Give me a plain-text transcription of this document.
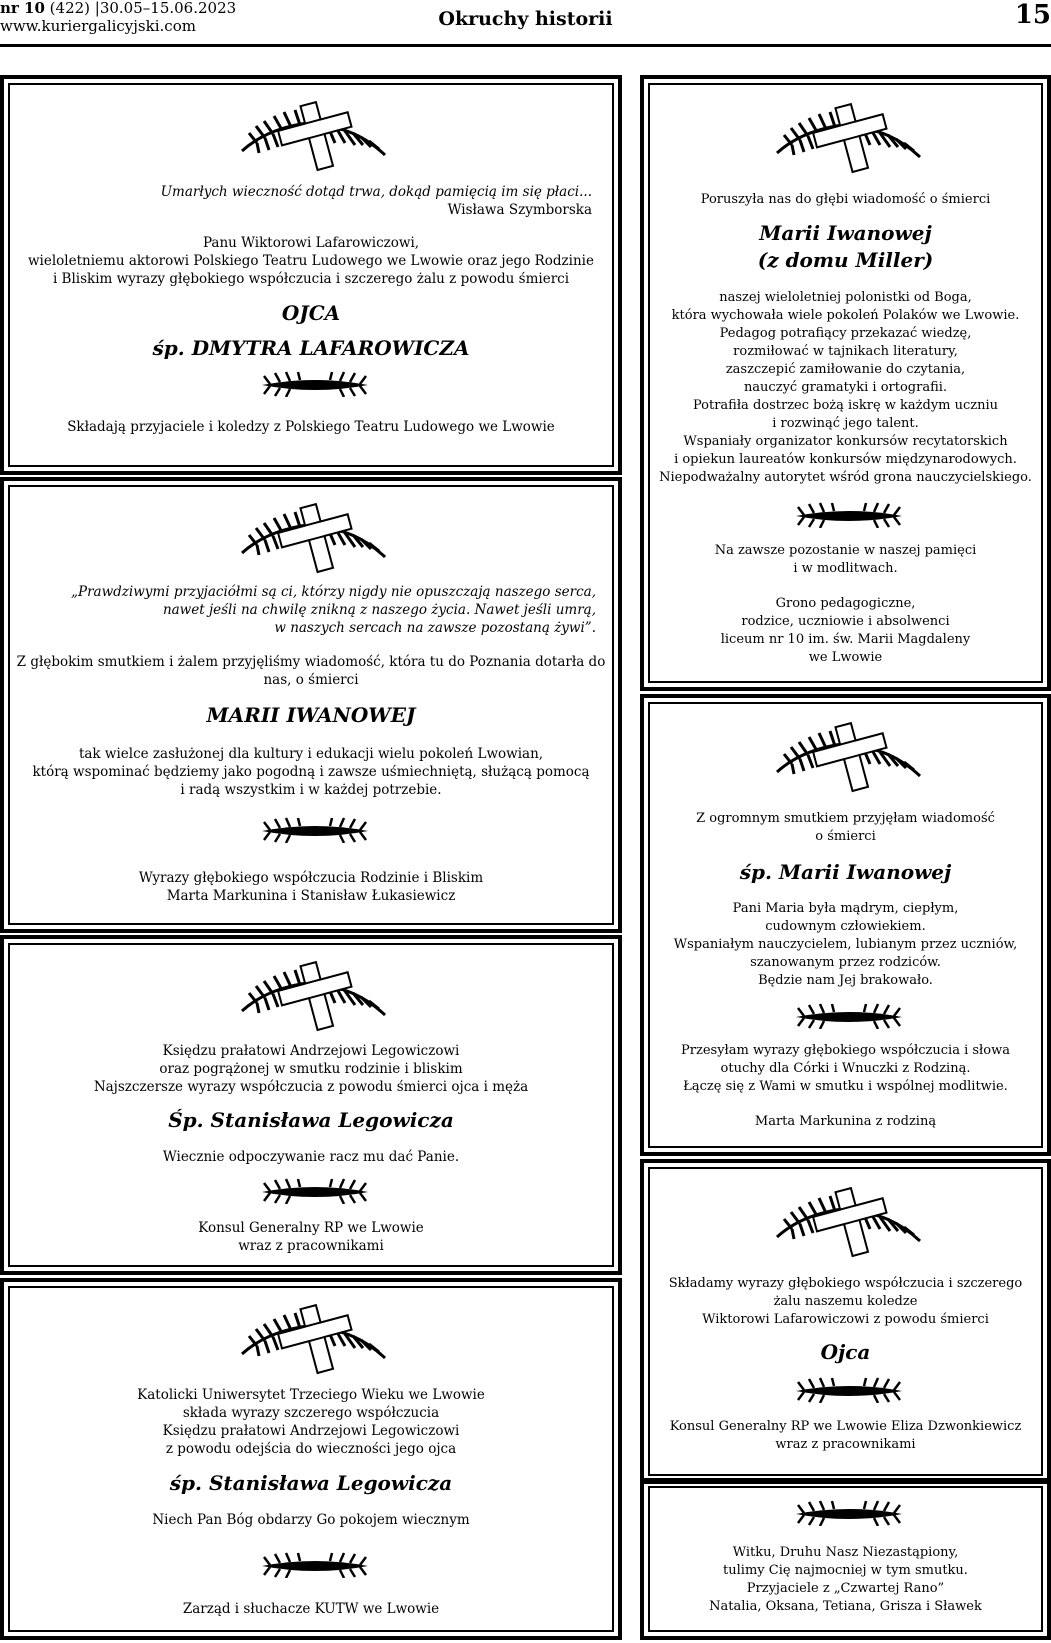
nr 10 (422) |30.05–15.06.2023
www.kuriergalicyjski.com	Okruchy historii	15
Umarłych wieczność dotąd trwa, dokąd pamięcią im się płaci...
Wisława Szymborska
Panu Wiktorowi Lafarowiczowi,
wieloletniemu aktorowi Polskiego Teatru Ludowego we Lwowie oraz jego Rodzinie
i Bliskim wyrazy głębokiego współczucia i szczerego żalu z powodu śmierci
OJCA
śp. DMYTRA LAFAROWICZA
Składają przyjaciele i koledzy z Polskiego Teatru Ludowego we Lwowie
„Prawdziwymi przyjaciółmi są ci, którzy nigdy nie opuszczają naszego serca,
nawet jeśli na chwilę znikną z naszego życia. Nawet jeśli umrą,
w naszych sercach na zawsze pozostaną żywi”.
Z głębokim smutkiem i żalem przyjęliśmy wiadomość, która tu do Poznania dotarła do
nas, o śmierci
MARII IWANOWEJ
tak wielce zasłużonej dla kultury i edukacji wielu pokoleń Lwowian,
którą wspominać będziemy jako pogodną i zawsze uśmiechniętą, służącą pomocą
i radą wszystkim i w każdej potrzebie.
Wyrazy głębokiego współczucia Rodzinie i Bliskim
Marta Markunina i Stanisław Łukasiewicz
Księdzu prałatowi Andrzejowi Legowiczowi
oraz pogrążonej w smutku rodzinie i bliskim
Najszczersze wyrazy współczucia z powodu śmierci ojca i męża
Śp. Stanisława Legowicza
Wiecznie odpoczywanie racz mu dać Panie.
Konsul Generalny RP we Lwowie
wraz z pracownikami
Katolicki Uniwersytet Trzeciego Wieku we Lwowie
składa wyrazy szczerego współczucia
Księdzu prałatowi Andrzejowi Legowiczowi
z powodu odejścia do wieczności jego ojca
śp. Stanisława Legowicza
Niech Pan Bóg obdarzy Go pokojem wiecznym
Zarząd i słuchacze KUTW we Lwowie
Poruszyła nas do głębi wiadomość o śmierci
Marii Iwanowej
(z domu Miller)
naszej wieloletniej polonistki od Boga,
która wychowała wiele pokoleń Polaków we Lwowie.
Pedagog potrafiący przekazać wiedzę,
rozmiłować w tajnikach literatury,
zaszczepić zamiłowanie do czytania,
nauczyć gramatyki i ortografii.
Potrafiła dostrzec bożą iskrę w każdym uczniu
i rozwinąć jego talent.
Wspaniały organizator konkursów recytatorskich
i opiekun laureatów konkursów międzynarodowych.
Niepodważalny autorytet wśród grona nauczycielskiego.
Na zawsze pozostanie w naszej pamięci
i w modlitwach.
Grono pedagogiczne,
rodzice, uczniowie i absolwenci
liceum nr 10 im. św. Marii Magdaleny
we Lwowie
Z ogromnym smutkiem przyjęłam wiadomość
o śmierci
śp. Marii Iwanowej
Pani Maria była mądrym, ciepłym,
cudownym człowiekiem.
Wspaniałym nauczycielem, lubianym przez uczniów,
szanowanym przez rodziców.
Będzie nam Jej brakowało.
Przesyłam wyrazy głębokiego współczucia i słowa
otuchy dla Córki i Wnuczki z Rodziną.
Łączę się z Wami w smutku i wspólnej modlitwie.
Marta Markunina z rodziną
Składamy wyrazy głębokiego współczucia i szczerego
żalu naszemu koledze
Wiktorowi Lafarowiczowi z powodu śmierci
Ojca
Konsul Generalny RP we Lwowie Eliza Dzwonkiewicz
wraz z pracownikami
Witku, Druhu Nasz Niezastąpiony,
tulimy Cię najmocniej w tym smutku.
Przyjaciele z „Czwartej Rano”
Natalia, Oksana, Tetiana, Grisza i Sławek
